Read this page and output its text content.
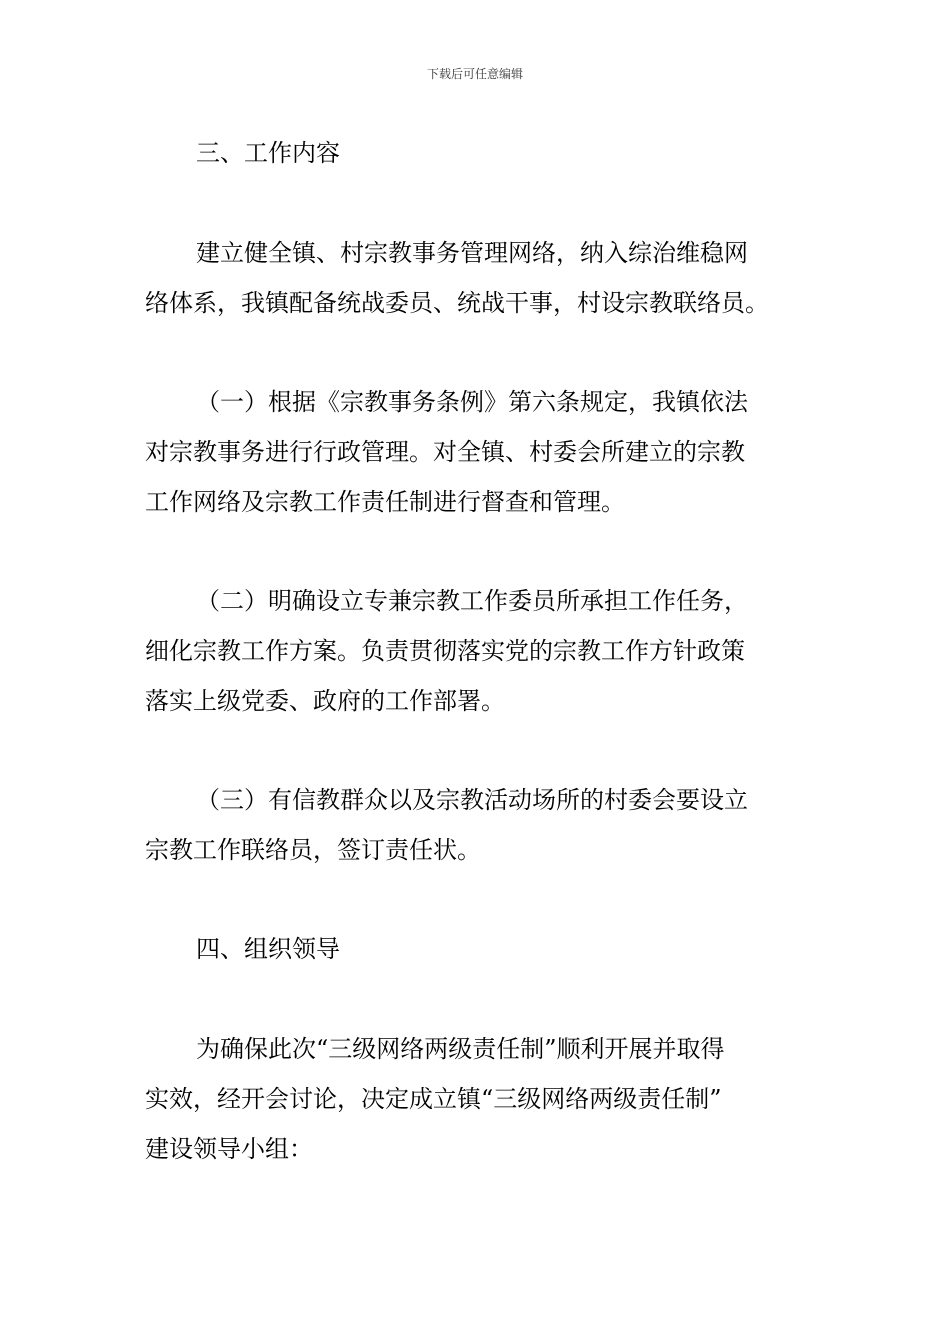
下载后可任意编辑
三、工作内容

建立健全镇、村宗教事务管理网络，纳入综治维稳网
络体系，我镇配备统战委员、统战干事，村设宗教联络员。

（一）根据《宗教事务条例》第六条规定，我镇依法
对宗教事务进行行政管理。对全镇、村委会所建立的宗教
工作网络及宗教工作责任制进行督查和管理。

（二）明确设立专兼宗教工作委员所承担工作任务，
细化宗教工作方案。负责贯彻落实党的宗教工作方针政策
落实上级党委、政府的工作部署。

（三）有信教群众以及宗教活动场所的村委会要设立
宗教工作联络员，签订责任状。

四、组织领导

为确保此次“三级网络两级责任制”顺利开展并取得
实效，经开会讨论，决定成立镇“三级网络两级责任制”
建设领导小组：
